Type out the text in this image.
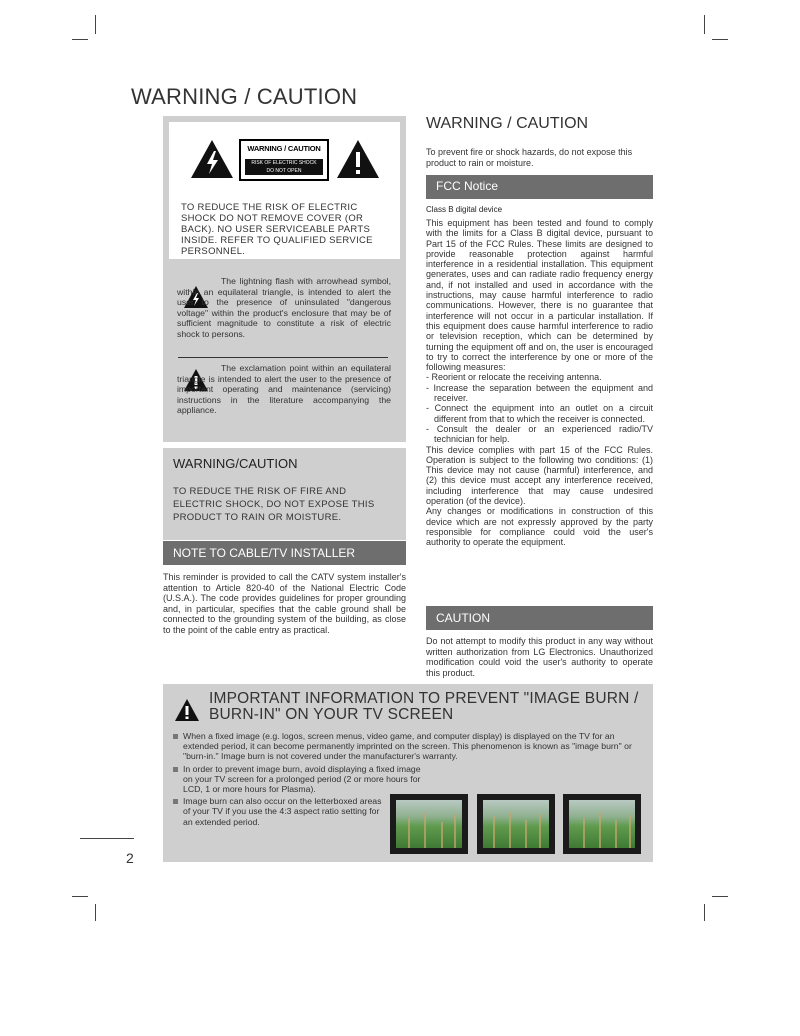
WARNING / CAUTION
WARNING / CAUTION
RISK OF ELECTRIC SHOCK
DO NOT OPEN
TO REDUCE THE RISK OF ELECTRIC SHOCK DO NOT REMOVE COVER (OR BACK). NO USER SERVICEABLE PARTS INSIDE. REFER TO QUALIFIED SERVICE PERSONNEL.
The lightning flash with arrowhead symbol, within an equilateral triangle, is intended to alert the user to the presence of uninsulated "dangerous voltage" within the product's enclosure that may be of sufficient magnitude to constitute a risk of electric shock to persons.
The exclamation point within an equilateral triangle is intended to alert the user to the presence of important operating and maintenance (servicing) instructions in the literature accompanying the appliance.
WARNING/CAUTION
TO REDUCE THE RISK OF FIRE AND ELECTRIC SHOCK, DO NOT EXPOSE THIS PRODUCT TO RAIN OR MOISTURE.
NOTE TO CABLE/TV INSTALLER
This reminder is provided to call the CATV system installer's attention to Article 820-40 of the National Electric Code (U.S.A.). The code provides guidelines for proper grounding and, in particular, specifies that the cable ground shall be connected to the grounding system of the building, as close to the point of the cable entry as practical.
WARNING / CAUTION
To prevent fire or shock hazards, do not expose this product to rain or moisture.
FCC Notice
Class B digital device

This equipment has been tested and found to comply with the limits for a Class B digital device, pursuant to Part 15 of the FCC Rules. These limits are designed to provide reasonable protection against harmful interference in a residential installation. This equipment generates, uses and can radiate radio frequency energy and, if not installed and used in accordance with the instructions, may cause harmful interference to radio communications. However, there is no guarantee that interference will not occur in a particular installation. If this equipment does cause harmful interference to radio or television reception, which can be determined by turning the equipment off and on, the user is encouraged to try to correct the interference by one or more of the following measures:

- Reorient or relocate the receiving antenna.

- Increase the separation between the equipment and receiver.

- Connect the equipment into an outlet on a circuit different from that to which the receiver is connected.

- Consult the dealer or an experienced radio/TV technician for help.

This device complies with part 15 of the FCC Rules. Operation is subject to the following two conditions: (1) This device may not cause (harmful) interference, and (2) this device must accept any interference received, including interference that may cause undesired operation (of the device).

Any changes or modifications in construction of this device which are not expressly approved by the party responsible for compliance could void the user's authority to operate the equipment.

CAUTION
Do not attempt to modify this product in any way without written authorization from LG Electronics. Unauthorized modification could void the user's authority to operate this product.
IMPORTANT INFORMATION TO PREVENT "IMAGE BURN / BURN-IN" ON YOUR TV SCREEN
When a fixed image (e.g. logos, screen menus, video game, and computer display) is displayed on the TV for an extended period, it can become permanently imprinted on the screen. This phenomenon is known as "image burn" or "burn-in." Image burn is not covered under the manufacturer's warranty.
In order to prevent image burn, avoid displaying a fixed image on your TV screen for a prolonged period (2 or more hours for LCD, 1 or more hours for Plasma).
Image burn can also occur on the letterboxed areas of your TV if you use the 4:3 aspect ratio setting for an extended period.
2
